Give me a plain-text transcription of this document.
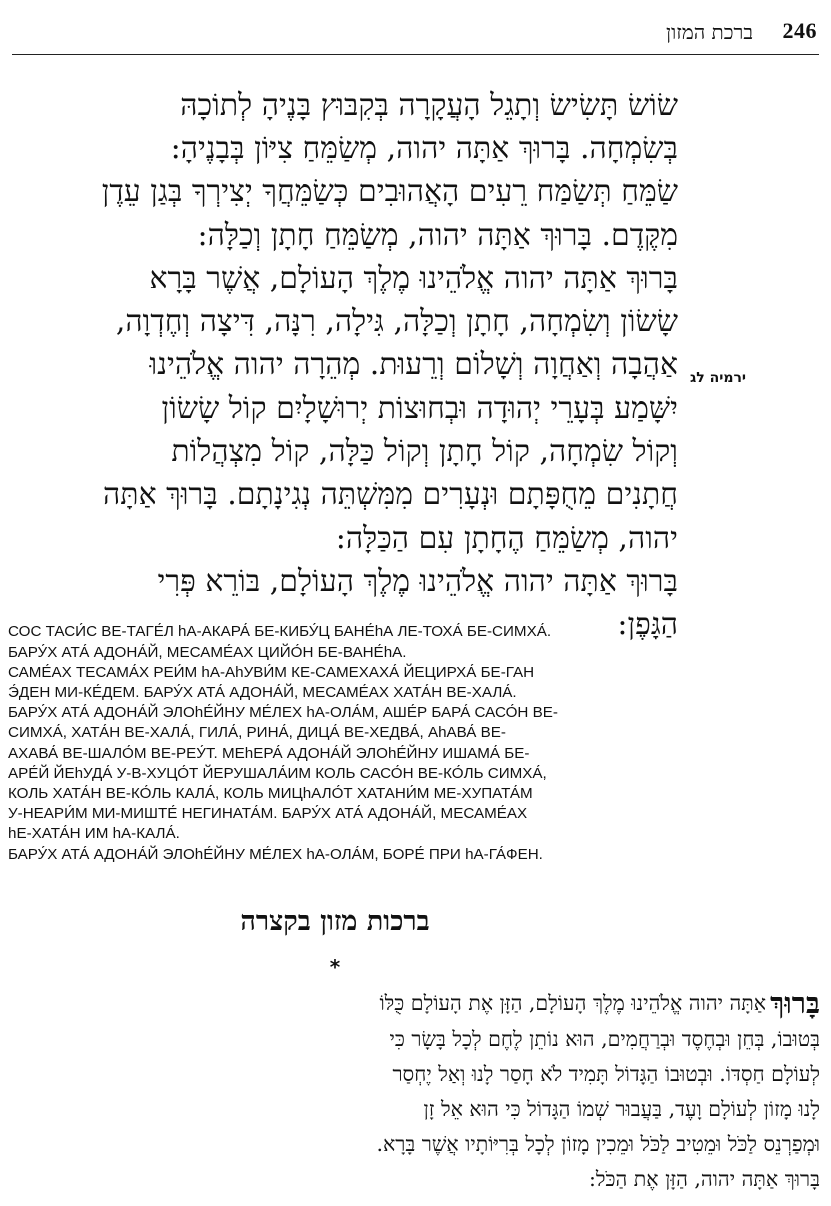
246
ברכת המזון
שׂוֹשׂ תָּשִׂישׂ וְתָגֵל הָעֲקָרָה בְּקִבּוּץ בָּנֶיהָ לְתוֹכָהּ
בְּשִׂמְחָה. בָּרוּךְ אַתָּה יהוה, מְשַׂמֵּחַ צִיּוֹן בְּבָנֶיהָ:
שַׂמֵּחַ תְּשַׂמַּח רֵעִים הָאֲהוּבִים כְּשַׂמֵּחֲךָ יְצִירְךָ בְּגַן עֵדֶן
מִקֶּדֶם. בָּרוּךְ אַתָּה יהוה, מְשַׂמֵּחַ חָתָן וְכַלָּה:
בָּרוּךְ אַתָּה יהוה אֱלֹהֵינוּ מֶלֶךְ הָעוֹלָם, אֲשֶׁר בָּרָא
שָׂשׂוֹן וְשִׂמְחָה, חָתָן וְכַלָּה, גִּילָה, רִנָּה, דִּיצָה וְחֶדְוָה,
אַהֲבָה וְאַחֲוָה וְשָׁלוֹם וְרֵעוּת. מְהֵרָה יהוה אֱלֹהֵינוּ
יִשָּׁמַע בְּעָרֵי יְהוּדָה וּבְחוּצוֹת יְרוּשָׁלָיִם קוֹל שָׂשׂוֹן
וְקוֹל שִׂמְחָה, קוֹל חָתָן וְקוֹל כַּלָּה, קוֹל מִצְהֲלוֹת
חֲתָנִים מֵחֻפָּתָם וּנְעָרִים מִמִּשְׁתֵּה נְגִינָתָם. בָּרוּךְ אַתָּה
יהוה, מְשַׂמֵּחַ הֶחָתָן עִם הַכַּלָּה:
בָּרוּךְ אַתָּה יהוה אֱלֹהֵינוּ מֶלֶךְ הָעוֹלָם, בּוֹרֵא פְּרִי
הַגָּפֶן:
ירמיה לג
СОС ТАСИ́С ВЕ-ТАГЕ́Л hА-АКАРА́ БЕ-КИБУ́Ц БАНЕ́hА ЛЕ-ТОХА́ БЕ-СИМХА́.
БАРУ́Х АТА́ АДОНА́Й, МЕСАМЕ́АХ ЦИЙО́Н БЕ-ВАНЕ́hА.
САМЕ́АХ ТЕСАМА́Х РЕИ́М hА-АhУВИ́М КЕ-САМЕХАХА́ ЙЕЦИРХА́ БЕ-ГАН
Э́ДЕН МИ-КЕ́ДЕМ. БАРУ́Х АТА́ АДОНА́Й, МЕСАМЕ́АХ ХАТА́Н ВЕ-ХАЛА́.
БАРУ́Х АТА́ АДОНА́Й ЭЛОhЕ́ЙНУ МЕ́ЛЕХ hА-ОЛА́М, АШЕ́Р БАРА́ САСО́Н ВЕ-
СИМХА́, ХАТА́Н ВЕ-ХАЛА́, ГИЛА́, РИНА́, ДИЦА́ ВЕ-ХЕДВА́, АhАВА́ ВЕ-
АХАВА́ ВЕ-ШАЛО́М ВЕ-РЕУ́Т. МЕhЕРА́ АДОНА́Й ЭЛОhЕ́ЙНУ ИШАМА́ БЕ-
АРЕ́Й ЙЕhУДА́ У-В-ХУЦО́Т ЙЕРУШАЛА́ИМ КОЛЬ САСО́Н ВЕ-КО́ЛЬ СИМХА́,
КОЛЬ ХАТА́Н ВЕ-КО́ЛЬ КАЛА́, КОЛЬ МИЦhАЛО́Т ХАТАНИ́М МЕ-ХУПАТА́М
У-НЕАРИ́М МИ-МИШТЕ́ НЕГИНАТА́М. БАРУ́Х АТА́ АДОНА́Й, МЕСАМЕ́АХ
hЕ-ХАТА́Н ИМ hА-КАЛА́.
БАРУ́Х АТА́ АДОНА́Й ЭЛОhЕ́ЙНУ МЕ́ЛЕХ hА-ОЛА́М, БОРЕ́ ПРИ hА-ГА́ФЕН.
ברכות מזון בקצרה
*
בָּרוּךְ
אַתָּה יהוה אֱלֹהֵינוּ מֶלֶךְ הָעוֹלָם, הַזָּן אֶת הָעוֹלָם כֻּלּוֹ
בְּטוּבוֹ, בְּחֵן וּבְחֶסֶד וּבְרַחֲמִים, הוּא נוֹתֵן לֶחֶם לְכָל בָּשָׂר כִּי
לְעוֹלָם חַסְדּוֹ. וּבְטוּבוֹ הַגָּדוֹל תָּמִיד לֹא חָסַר לָנוּ וְאַל יֶחְסַר
לָנוּ מָזוֹן לְעוֹלָם וָעֶד, בַּעֲבוּר שְׁמוֹ הַגָּדוֹל כִּי הוּא אֵל זָן
וּמְפַרְנֵס לַכֹּל וּמֵטִיב לַכֹּל וּמֵכִין מָזוֹן לְכָל בְּרִיּוֹתָיו אֲשֶׁר בָּרָא.
בָּרוּךְ אַתָּה יהוה, הַזָּן אֶת הַכֹּל:
